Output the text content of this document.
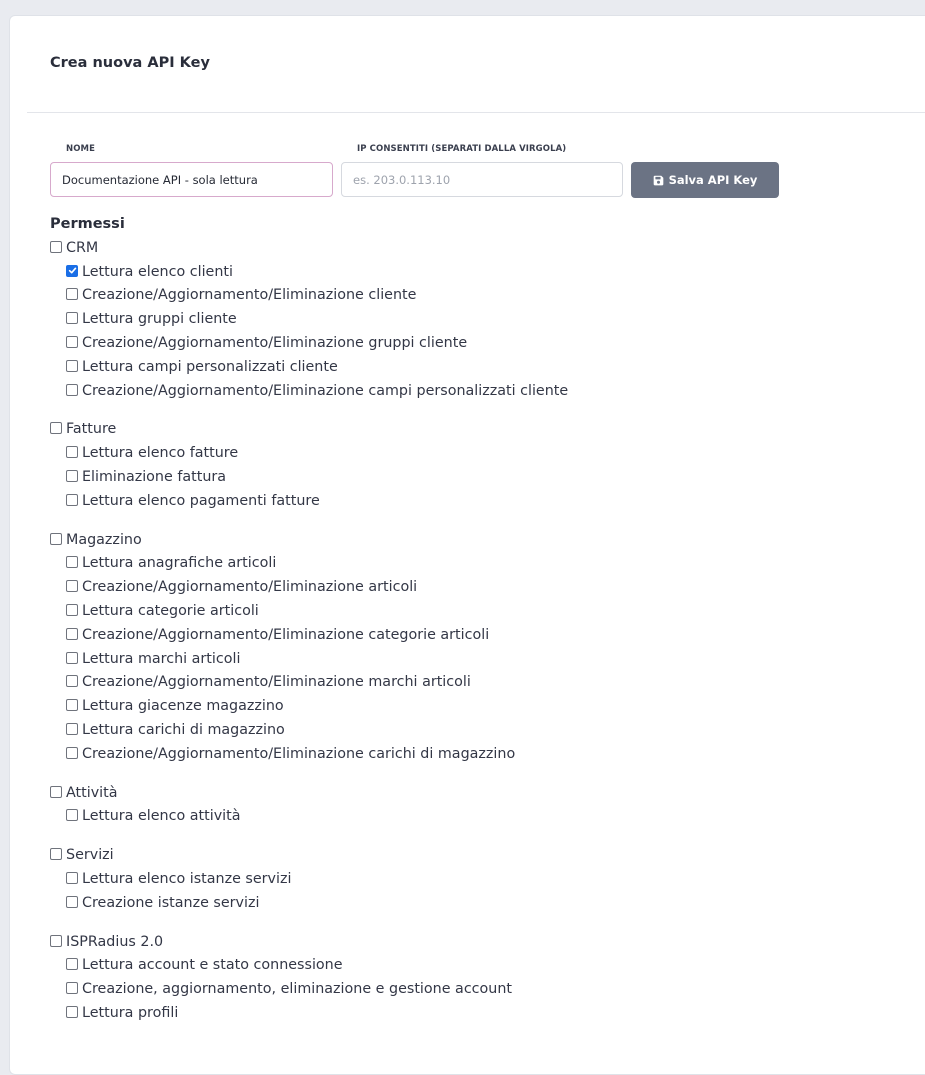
Crea nuova API Key
NOME
Documentazione API - sola lettura	IP CONSENTITI (SEPARATI DALLA VIRGOLA)
es. 203.0.113.10
Salva API Key
Permessi
CRM
Lettura elenco clienti
Creazione/Aggiornamento/Eliminazione cliente
Lettura gruppi cliente
Creazione/Aggiornamento/Eliminazione gruppi cliente
Lettura campi personalizzati cliente
Creazione/Aggiornamento/Eliminazione campi personalizzati cliente
Fatture
Lettura elenco fatture
Eliminazione fattura
Lettura elenco pagamenti fatture
Magazzino
Lettura anagrafiche articoli
Creazione/Aggiornamento/Eliminazione articoli
Lettura categorie articoli
Creazione/Aggiornamento/Eliminazione categorie articoli
Lettura marchi articoli
Creazione/Aggiornamento/Eliminazione marchi articoli
Lettura giacenze magazzino
Lettura carichi di magazzino
Creazione/Aggiornamento/Eliminazione carichi di magazzino
Attività
Lettura elenco attività
Servizi
Lettura elenco istanze servizi
Creazione istanze servizi
ISPRadius 2.0
Lettura account e stato connessione
Creazione, aggiornamento, eliminazione e gestione account
Lettura profili
